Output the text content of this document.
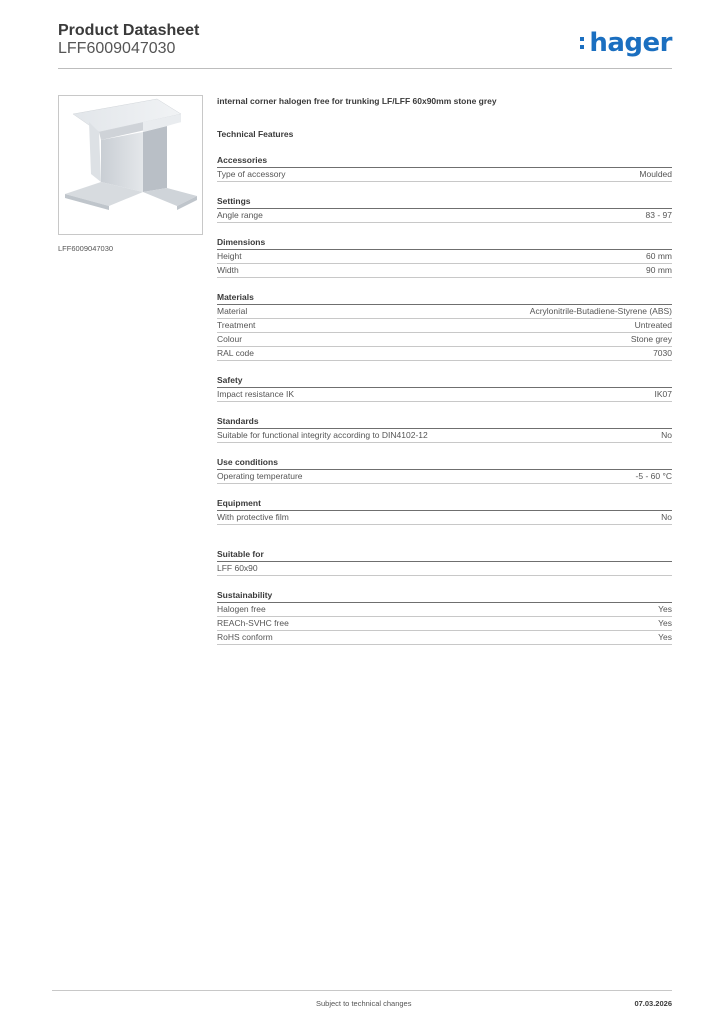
Product Datasheet
LFF6009047030	hager
LFF6009047030
internal corner halogen free for trunking LF/LFF 60x90mm stone grey
Technical Features
Accessories
Type of accessory	Moulded
Settings
Angle range	83 - 97
Dimensions
Height	60 mm
Width	90 mm
Materials
Material	Acrylonitrile-Butadiene-Styrene (ABS)
Treatment	Untreated
Colour	Stone grey
RAL code	7030
Safety
Impact resistance IK	IK07
Standards
Suitable for functional integrity according to DIN4102-12	No
Use conditions
Operating temperature	-5 - 60 °C
Equipment
With protective film	No
Suitable for
LFF 60x90
Sustainability
Halogen free	Yes
REACh-SVHC free	Yes
RoHS conform	Yes
Subject to technical changes	07.03.2026
